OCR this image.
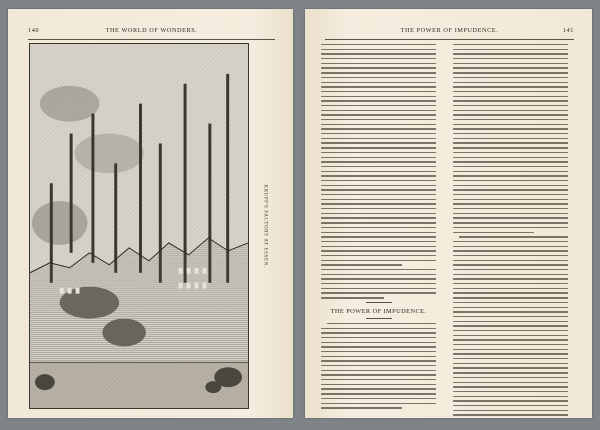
140	THE WORLD OF WONDERS.
KRUPP'S FACTORY AT ESSEN.
THE POWER OF IMPUDENCE.	141
THE POWER OF IMPUDENCE.
